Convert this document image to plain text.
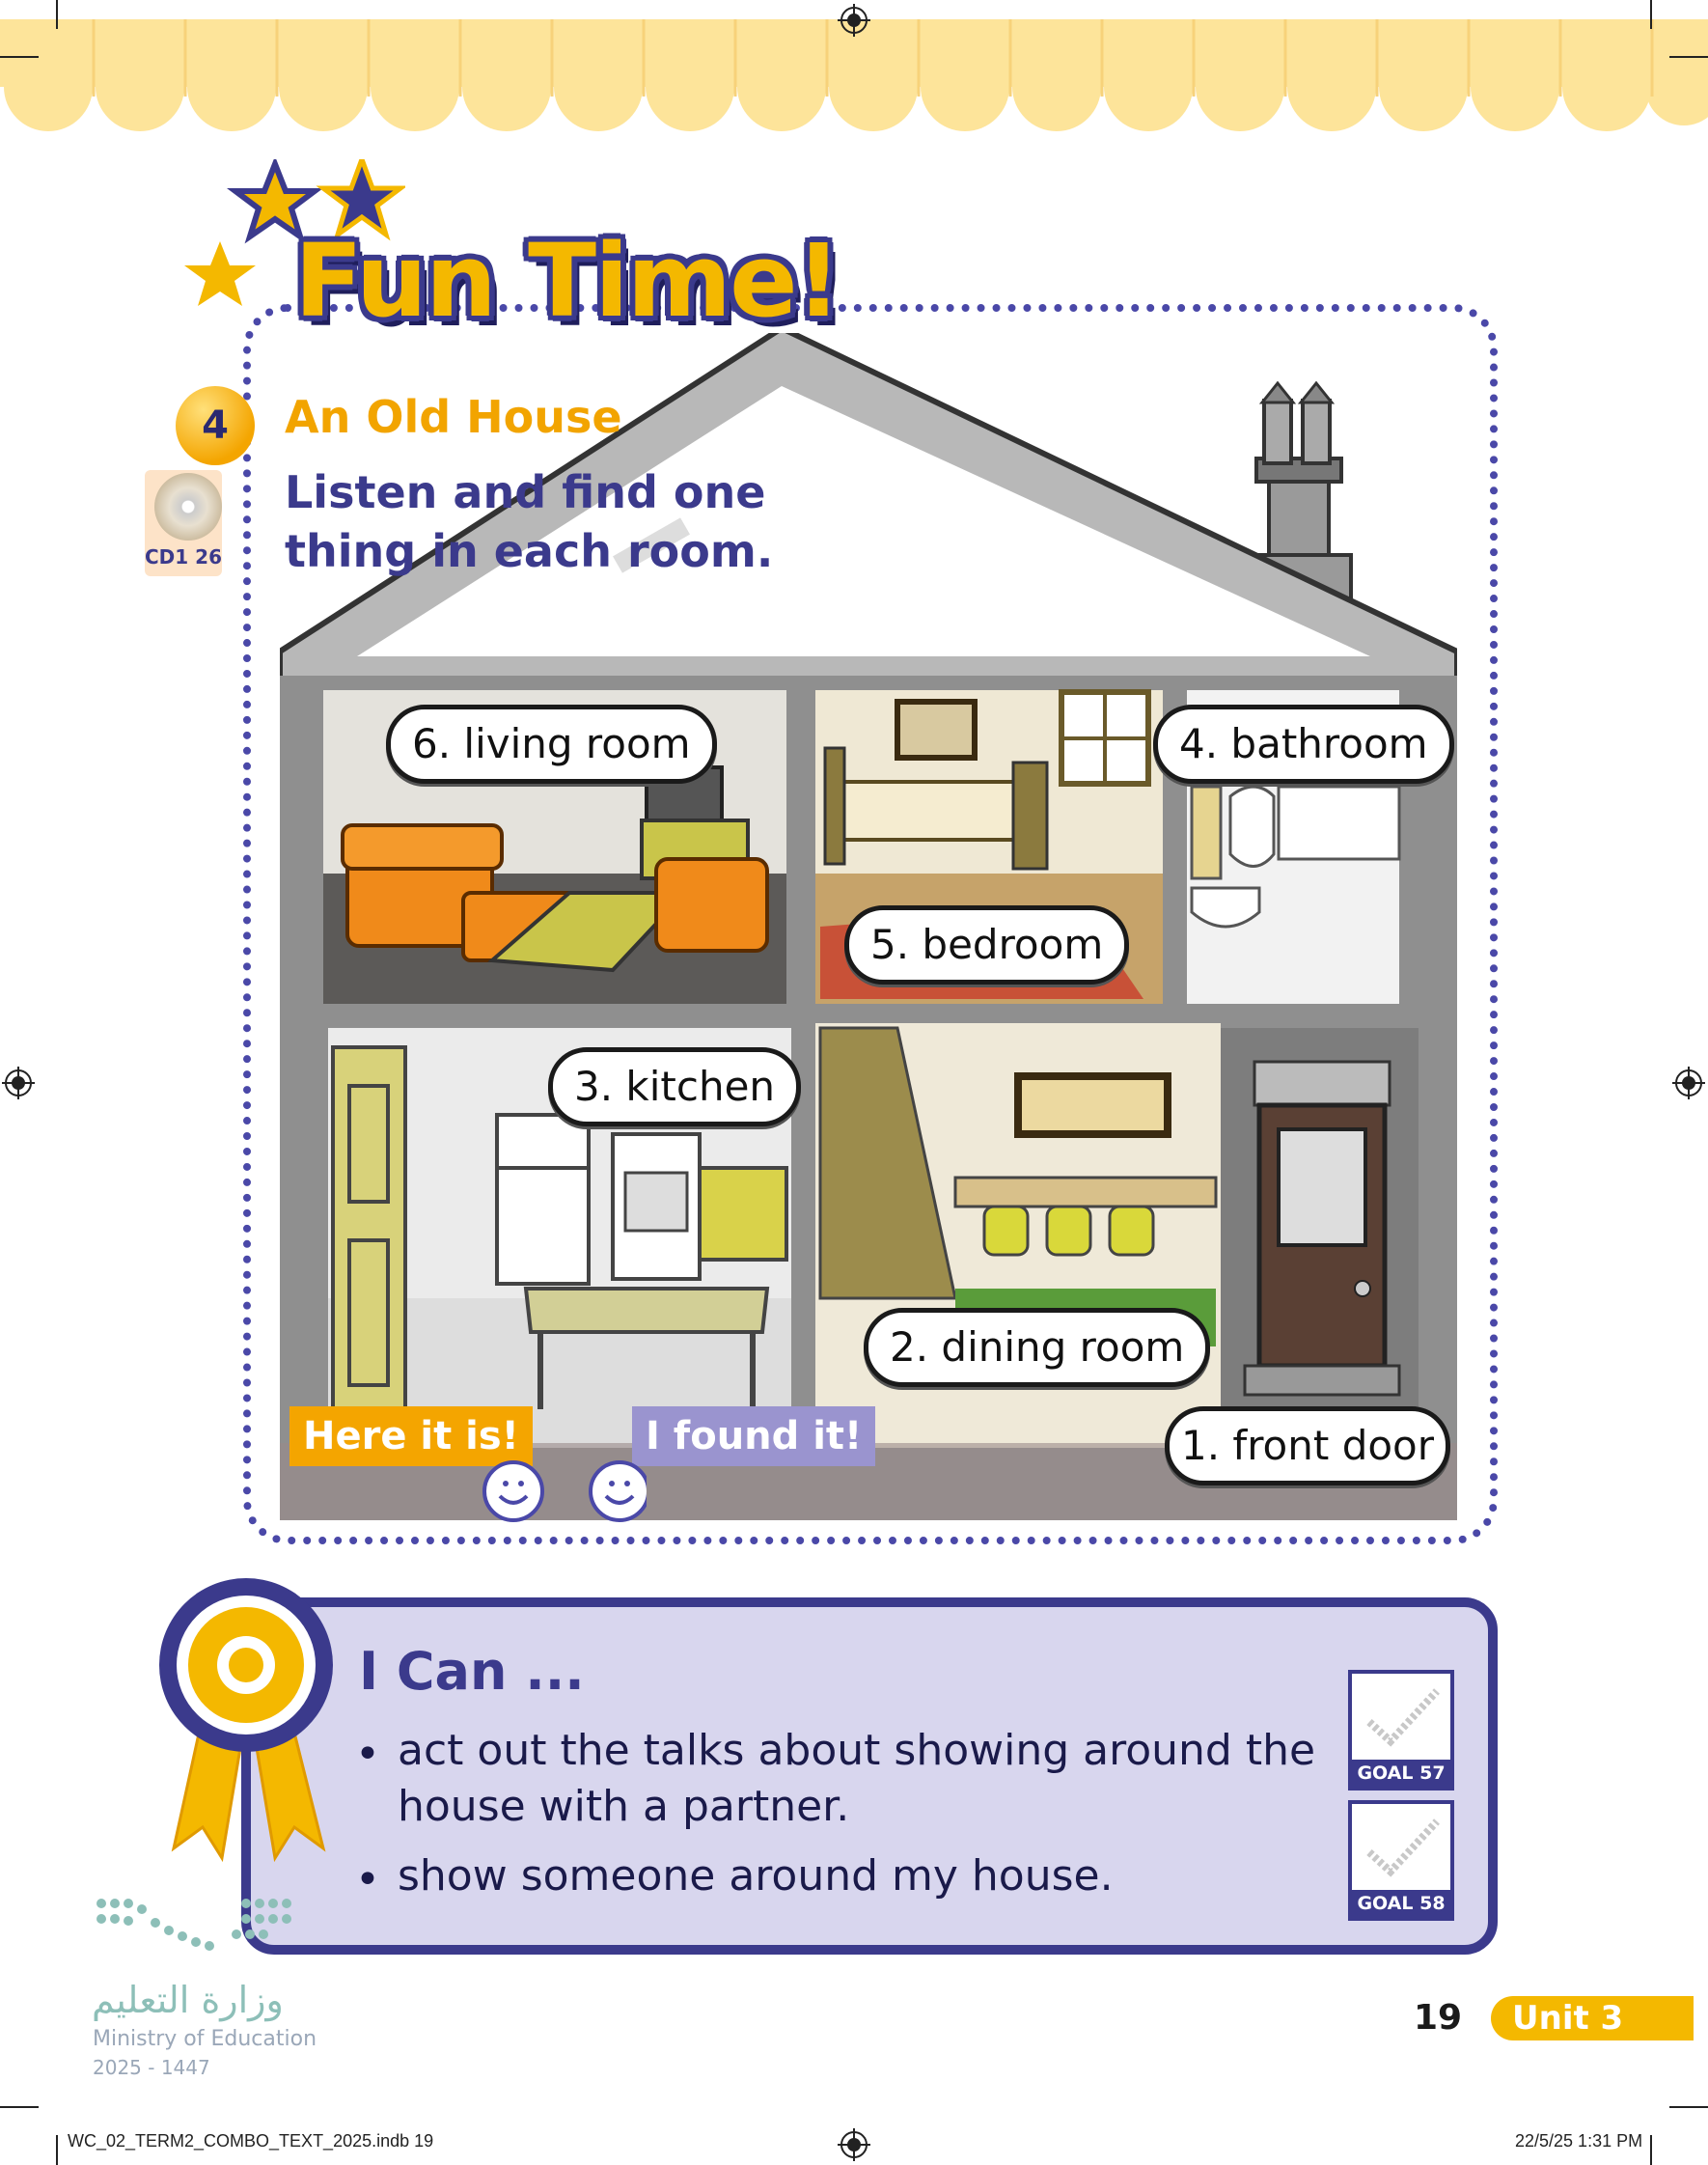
6. living room
5. bedroom
4. bathroom
3. kitchen
2. dining room
1. front door
Here it is!	I found it!
Fun Time!
4	An Old House
Listen and find one thing in each room.
CD1 26
I Can ...
• act out the talks about showing around the house with a partner.
• show someone around my house.
GOAL 57
GOAL 58
وزارة التعليم
Ministry of Education
2025 - 1447
19	Unit 3
WC_02_TERM2_COMBO_TEXT_2025.indb 19	22/5/25 1:31 PM
